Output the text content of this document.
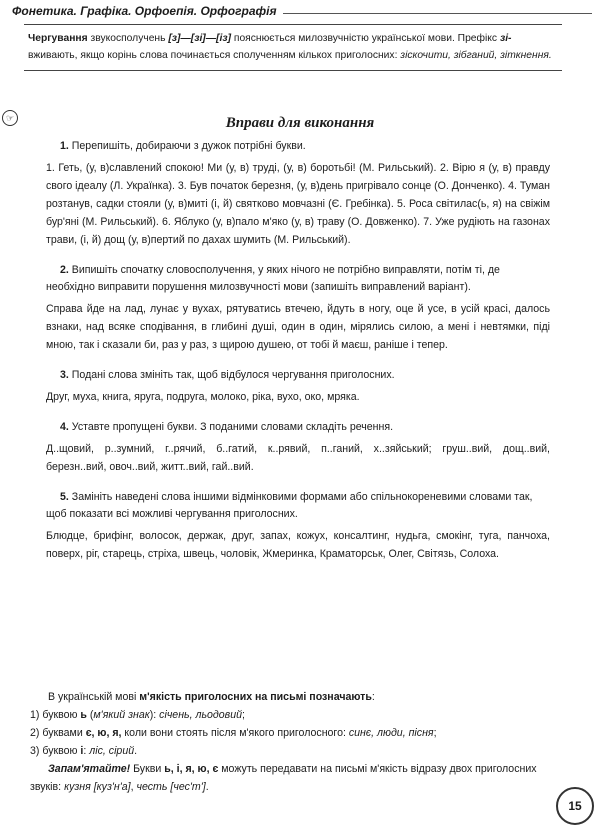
Фонетика. Графіка. Орфоепія. Орфографія
Чергування звукосполучень [з]—[зі]—[із] пояснюється милозвучністю української мови. Префікс зі- вживають, якщо корінь слова починається сполученням кількох приголосних: зіскочити, зібганий, зіткнення.
☞	Вправи для виконання

1. Перепишіть, добираючи з дужок потрібні букви.

1. Геть, (у, в)славлений спокою! Ми (у, в) труді, (у, в) боротьбі! (М. Рильський). 2. Вірю я (у, в) правду свого ідеалу (Л. Українка). 3. Був початок березня, (у, в)день пригрівало сонце (О. Донченко). 4. Туман розтанув, садки стояли (у, в)миті (і, й) святково мовчазні (Є. Гребінка). 5. Роса світилас(ь, я) на свіжім бур'яні (М. Рильський). 6. Яблуко (у, в)пало м'яко (у, в) траву (О. Довженко). 7. Уже рудіють на газонах трави, (і, й) дощ (у, в)пертий по дахах шумить (М. Рильський).

2. Випишіть спочатку словосполучення, у яких нічого не потрібно виправляти, потім ті, де необхідно виправити порушення милозвучності мови (запишіть виправлений варіант).

Справа йде на лад, лунає у вухах, рятуватись втечею, йдуть в ногу, оце й усе, в усій красі, далось взнаки, над всяке сподівання, в глибині душі, один в один, мірялись силою, а мені і невтямки, піді мною, так і сказали би, раз у раз, з щирою душею, от тобі й маєш, раніше і тепер.

3. Подані слова змініть так, щоб відбулося чергування приголосних.

Друг, муха, книга, яруга, подруга, молоко, ріка, вухо, око, мряка.

4. Уставте пропущені букви. З поданими словами складіть речення.

Д..щовий, р..зумний, г..рячий, б..гатий, к..рявий, п..ганий, х..зяйський; груш..вий, дощ..вий, березн..вий, овоч..вий, житт..вий, гай..вий.

5. Замініть наведені слова іншими відмінковими формами або спільнокореневими словами так, щоб показати всі можливі чергування приголосних.

Блюдце, брифінг, волосок, держак, друг, запах, кожух, консалтинг, нудьга, смокінг, туга, панчоха, поверх, ріг, старець, стріха, швець, чоловік, Жмеринка, Краматорськ, Олег, Світязь, Солоха.

В українській мові м'якість приголосних на письмі позначають:
1) буквою ь (м'який знак): січень, льодовий;
2) буквами є, ю, я, коли вони стоять після м'якого приголосного: синє, люди, пісня;
3) буквою і: ліс, сірий.
Запам'ятайте! Букви ь, і, я, ю, є можуть передавати на письмі м'якість відразу двох приголосних звуків: кузня [куз'н'а], честь [чес'т'].
15
